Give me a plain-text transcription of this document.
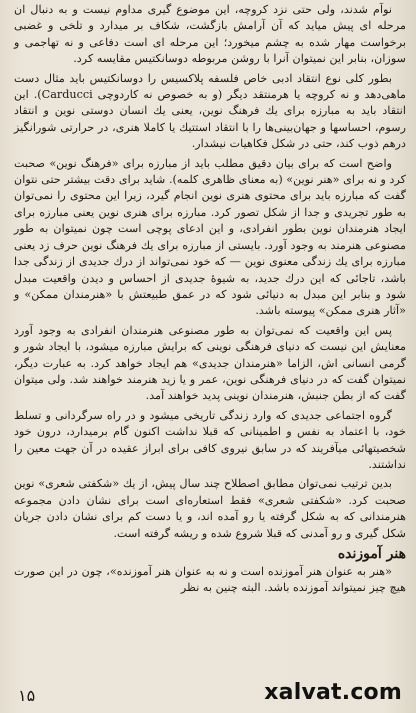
نوآم شدند، ولی حتی نزد کروچه، این موضوع گیری مداوم نیست و به دنبال ان مرحله ای پیش میاید که آن آرامش بازگشت، شکاف بر میدارد و تلخی و غضبی برخواست مهار شده به چشم میخورد؛ این مرحله ای است دفاعی و نه تهاجمی و سوزان، بنابر این نمیتوان آنرا با روشن مربوطه دوسانکتیس مقایسه کرد.

بطور کلی نوع انتقاد ادبی خاص فلسفه پلاکسیس را دوسانکتیس باید مثال دست ماهی‌دهد و نه کروچه یا هرمنتقد دیگر (و به خصوص نه کاردوچی Carducci). این انتقاد باید به مبارزه برای یك فرهنگ نوین، یعنی یك انسان دوستی نوین و انتقاد رسوم، احساسها و جهان‌بینی‌ها را با انتقاد استتیك یا کاملا هنری، در حرارتی شورانگیز درهم ذوب کند، حتی در شکل فکاهیات نیشدار.

واضح است که برای بیان دقیق مطلب باید از مبارزه برای «فرهنگ نوین» صحبت کرد و نه برای «هنر نوین» (به معنای ظاهری کلمه). شاید برای دقت بیشتر حتی نتوان گفت که مبارزه باید برای محتوی هنری نوین انجام گیرد، زیرا این محتوی را نمی‌توان به طور تجریدی و جدا از شکل تصور کرد. مبارزه برای هنری نوین یعنی مبارزه برای ایجاد هنرمندان نوین بطور انفرادی، و این ادعای پوچی است چون نمیتوان به طور مصنوعی هنرمند به وجود آورد. بایستی از مبارزه برای یك فرهنگ نوین حرف زد یعنی مبارزه برای یك زندگی معنوی نوین — که خود نمی‌تواند از درك جدیدی از زندگی جدا باشد، تاجائی که این درك جدید، به شیوهٔ جدیدی از احساس و دیدن واقعیت مبدل شود و بنابر این مبدل به دنیائی شود که در عمق طبیعتش با «هنرمندان ممکن» و «آثار هنری ممکن» پیوسته باشد.

پس این واقعیت که نمی‌توان به طور مصنوعی هنرمندان انفرادی به وجود آورد معنایش این نیست که دنیای فرهنگی نوینی که برایش مبارزه میشود، با ایجاد شور و گرمی انسانی اش، الزاما «هنرمندان جدیدی» هم ایجاد خواهد کرد. به عبارت دیگر، نمیتوان گفت که در دنیای فرهنگی نوین، عمر و یا زید هنرمند خواهند شد. ولی میتوان گفت که از بطن جنبش، هنرمندان نوینی پدید خواهند آمد.

گروه اجتماعی جدیدی که وارد زندگی تاریخی میشود و در راه سرگردانی و تسلط خود، با اعتماد به نفس و اطمینانی که قبلا نداشت اکنون گام برمیدارد، درون خود شخصیتهائی میآفریند که در سابق نیروی کافی برای ابراز عقیده در آن جهت معین را نداشتند.

بدین ترتیب نمی‌توان مطابق اصطلاح چند سال پیش، از یك «شکفتی شعری» نوین صحبت کرد. «شکفتی شعری» فقط استعاره‌ای است برای نشان دادن مجموعه هنرمندانی که به شکل گرفته یا رو آمده اند، و یا دست کم برای نشان دادن جریان شکل گیری و رو آمدنی که قبلا شروع شده و ریشه گرفته است.

هنر آموزنده

«هنر به عنوان هنر آموزنده است و نه به عنوان هنر آموزنده»، چون در این صورت هیچ چیز نمیتواند آموزنده باشد. البته چنین به نظر

۱۵	xalvat.com
